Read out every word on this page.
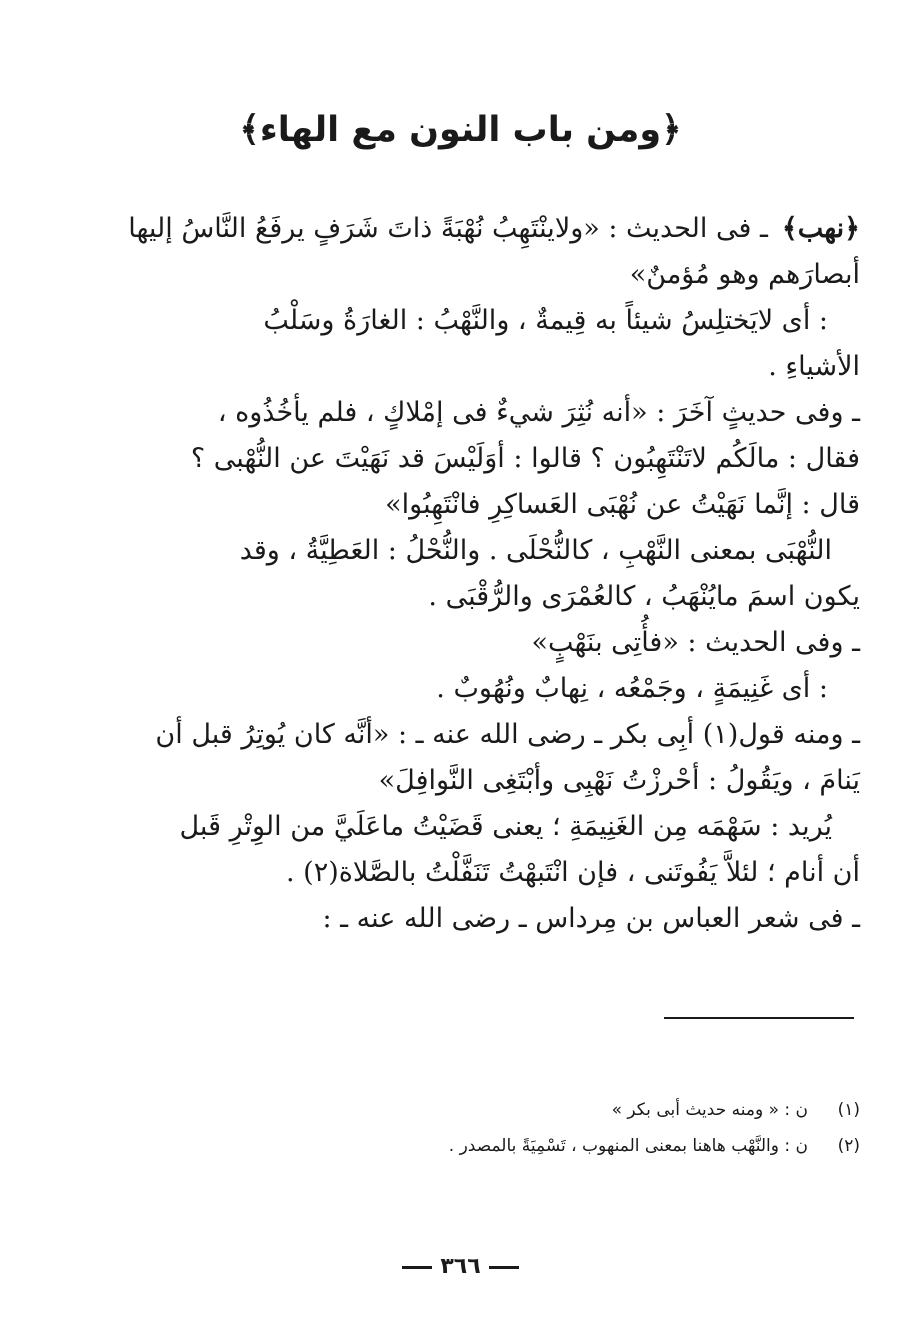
﴿ومن باب النون مع الهاء﴾
﴿نهب﴾ـ فى الحديث : «ولاينْتَهِبُ نُهْبَةً ذاتَ شَرَفٍ يرفَعُ النَّاسُ إليها
أبصارَهم وهو مُؤمنٌ»
: أى لايَختلِسُ شيئاً به قِيمةٌ ، والنَّهْبُ : الغارَةُ وسَلْبُ
الأشياءِ .
ـ وفى حديثٍ آخَرَ : «أنه نُثِرَ شيءٌ فى إمْلاكٍ ، فلم يأخُذُوه ،
فقال : مالَكُم لاتَنْتَهِبُون ؟ قالوا : أوَلَيْسَ قد نَهَيْتَ عن النُّهْبى ؟
قال : إنَّما نَهَيْتُ عن نُهْبَى العَساكِرِ فانْتَهِبُوا»
النُّهْبَى بمعنى النَّهْبِ ، كالنُّحْلَى . والنُّحْلُ : العَطِيَّةُ ، وقد
يكون اسمَ مايُنْهَبُ ، كالعُمْرَى والرُّقْبَى .
ـ وفى الحديث : «فأُتِى بنَهْبٍ»
: أى غَنِيمَةٍ ، وجَمْعُه ، نِهابٌ ونُهُوبٌ .
ـ ومنه قول(١) أبِى بكر ـ رضى الله عنه ـ : «أنَّه كان يُوتِرُ قبل أن
يَنامَ ، ويَقُولُ : أحْرزْتُ نَهْبِى وأبْتَغِى النَّوافِلَ»
يُريد : سَهْمَه مِن الغَنِيمَةِ ؛ يعنى قَضَيْتُ ماعَلَيَّ من الوِتْرِ قَبل
أن أنام ؛ لئلاَّ يَفُوتَنى ، فإن انْتَبهْتُ تَنَفَّلْتُ بالصَّلاة(٢) .
ـ فى شعر العباس بن مِرداس ـ رضى الله عنه ـ :
(١)ن : « ومنه حديث أبى بكر »
(٢)ن : والنَّهْب هاهنا بمعنى المنهوب ، تَسْمِيَةً بالمصدر .
٣٦٦
